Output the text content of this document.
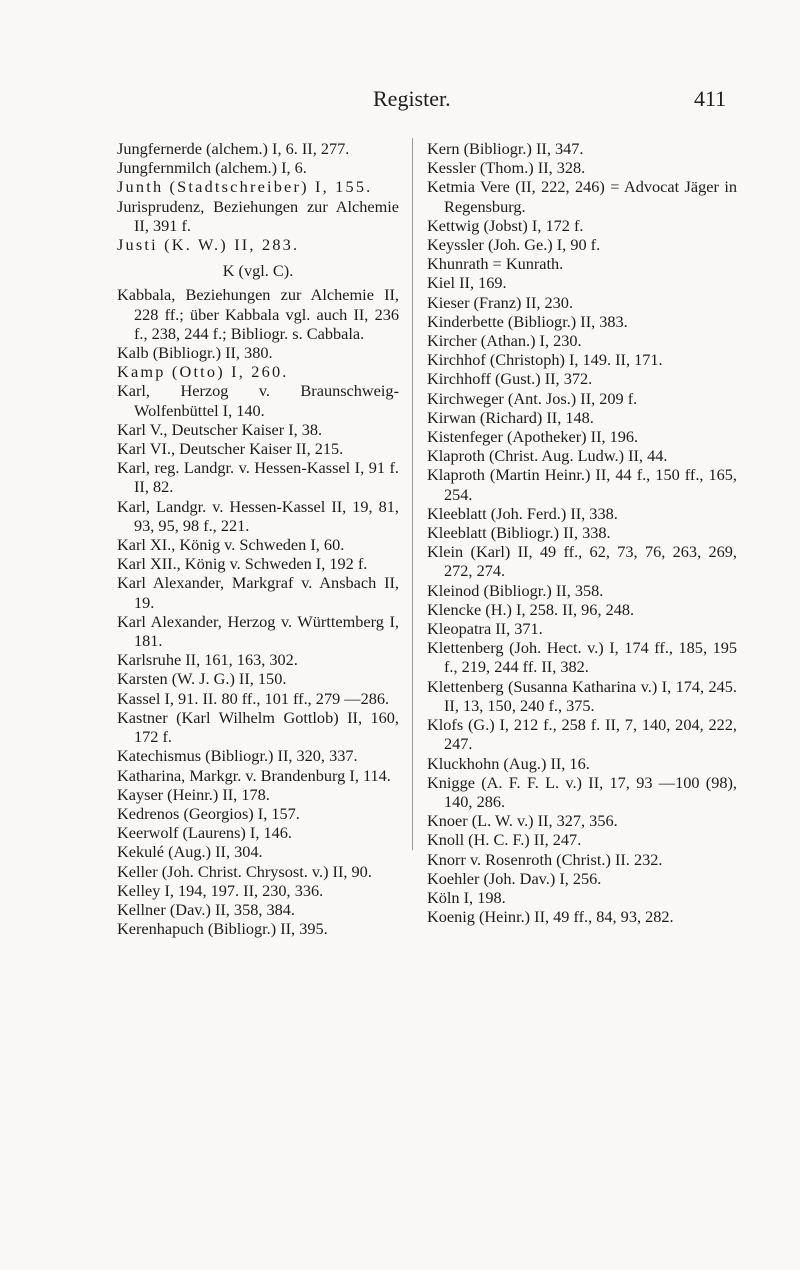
Register.	411

Jungfernerde (alchem.) I, 6. II, 277.

Jungfernmilch (alchem.) I, 6.

Junth (Stadtschreiber) I, 155.

Jurisprudenz, Beziehungen zur Alchemie II, 391 f.

Justi (K. W.) II, 283.

K (vgl. C).

Kabbala, Beziehungen zur Alchemie II, 228 ff.; über Kabbala vgl. auch II, 236 f., 238, 244 f.; Bibliogr. s. Cabbala.

Kalb (Bibliogr.) II, 380.

Kamp (Otto) I, 260.

Karl, Herzog v. Braunschweig-Wolfenbüttel I, 140.

Karl V., Deutscher Kaiser I, 38.

Karl VI., Deutscher Kaiser II, 215.

Karl, reg. Landgr. v. Hessen-Kassel I, 91 f. II, 82.

Karl, Landgr. v. Hessen-Kassel II, 19, 81, 93, 95, 98 f., 221.

Karl XI., König v. Schweden I, 60.

Karl XII., König v. Schweden I, 192 f.

Karl Alexander, Markgraf v. Ansbach II, 19.

Karl Alexander, Herzog v. Württemberg I, 181.

Karlsruhe II, 161, 163, 302.

Karsten (W. J. G.) II, 150.

Kassel I, 91. II. 80 ff., 101 ff., 279 —286.

Kastner (Karl Wilhelm Gottlob) II, 160, 172 f.

Katechismus (Bibliogr.) II, 320, 337.

Katharina, Markgr. v. Brandenburg I, 114.

Kayser (Heinr.) II, 178.

Kedrenos (Georgios) I, 157.

Keerwolf (Laurens) I, 146.

Kekulé (Aug.) II, 304.

Keller (Joh. Christ. Chrysost. v.) II, 90.

Kelley I, 194, 197. II, 230, 336.

Kellner (Dav.) II, 358, 384.

Kerenhapuch (Bibliogr.) II, 395.

Kern (Bibliogr.) II, 347.

Kessler (Thom.) II, 328.

Ketmia Vere (II, 222, 246) = Advocat Jäger in Regensburg.

Kettwig (Jobst) I, 172 f.

Keyssler (Joh. Ge.) I, 90 f.

Khunrath = Kunrath.

Kiel II, 169.

Kieser (Franz) II, 230.

Kinderbette (Bibliogr.) II, 383.

Kircher (Athan.) I, 230.

Kirchhof (Christoph) I, 149. II, 171.

Kirchhoff (Gust.) II, 372.

Kirchweger (Ant. Jos.) II, 209 f.

Kirwan (Richard) II, 148.

Kistenfeger (Apotheker) II, 196.

Klaproth (Christ. Aug. Ludw.) II, 44.

Klaproth (Martin Heinr.) II, 44 f., 150 ff., 165, 254.

Kleeblatt (Joh. Ferd.) II, 338.

Kleeblatt (Bibliogr.) II, 338.

Klein (Karl) II, 49 ff., 62, 73, 76, 263, 269, 272, 274.

Kleinod (Bibliogr.) II, 358.

Klencke (H.) I, 258. II, 96, 248.

Kleopatra II, 371.

Klettenberg (Joh. Hect. v.) I, 174 ff., 185, 195 f., 219, 244 ff. II, 382.

Klettenberg (Susanna Katharina v.) I, 174, 245. II, 13, 150, 240 f., 375.

Klofs (G.) I, 212 f., 258 f. II, 7, 140, 204, 222, 247.

Kluckhohn (Aug.) II, 16.

Knigge (A. F. F. L. v.) II, 17, 93 —100 (98), 140, 286.

Knoer (L. W. v.) II, 327, 356.

Knoll (H. C. F.) II, 247.

Knorr v. Rosenroth (Christ.) II. 232.

Koehler (Joh. Dav.) I, 256.

Köln I, 198.

Koenig (Heinr.) II, 49 ff., 84, 93, 282.
